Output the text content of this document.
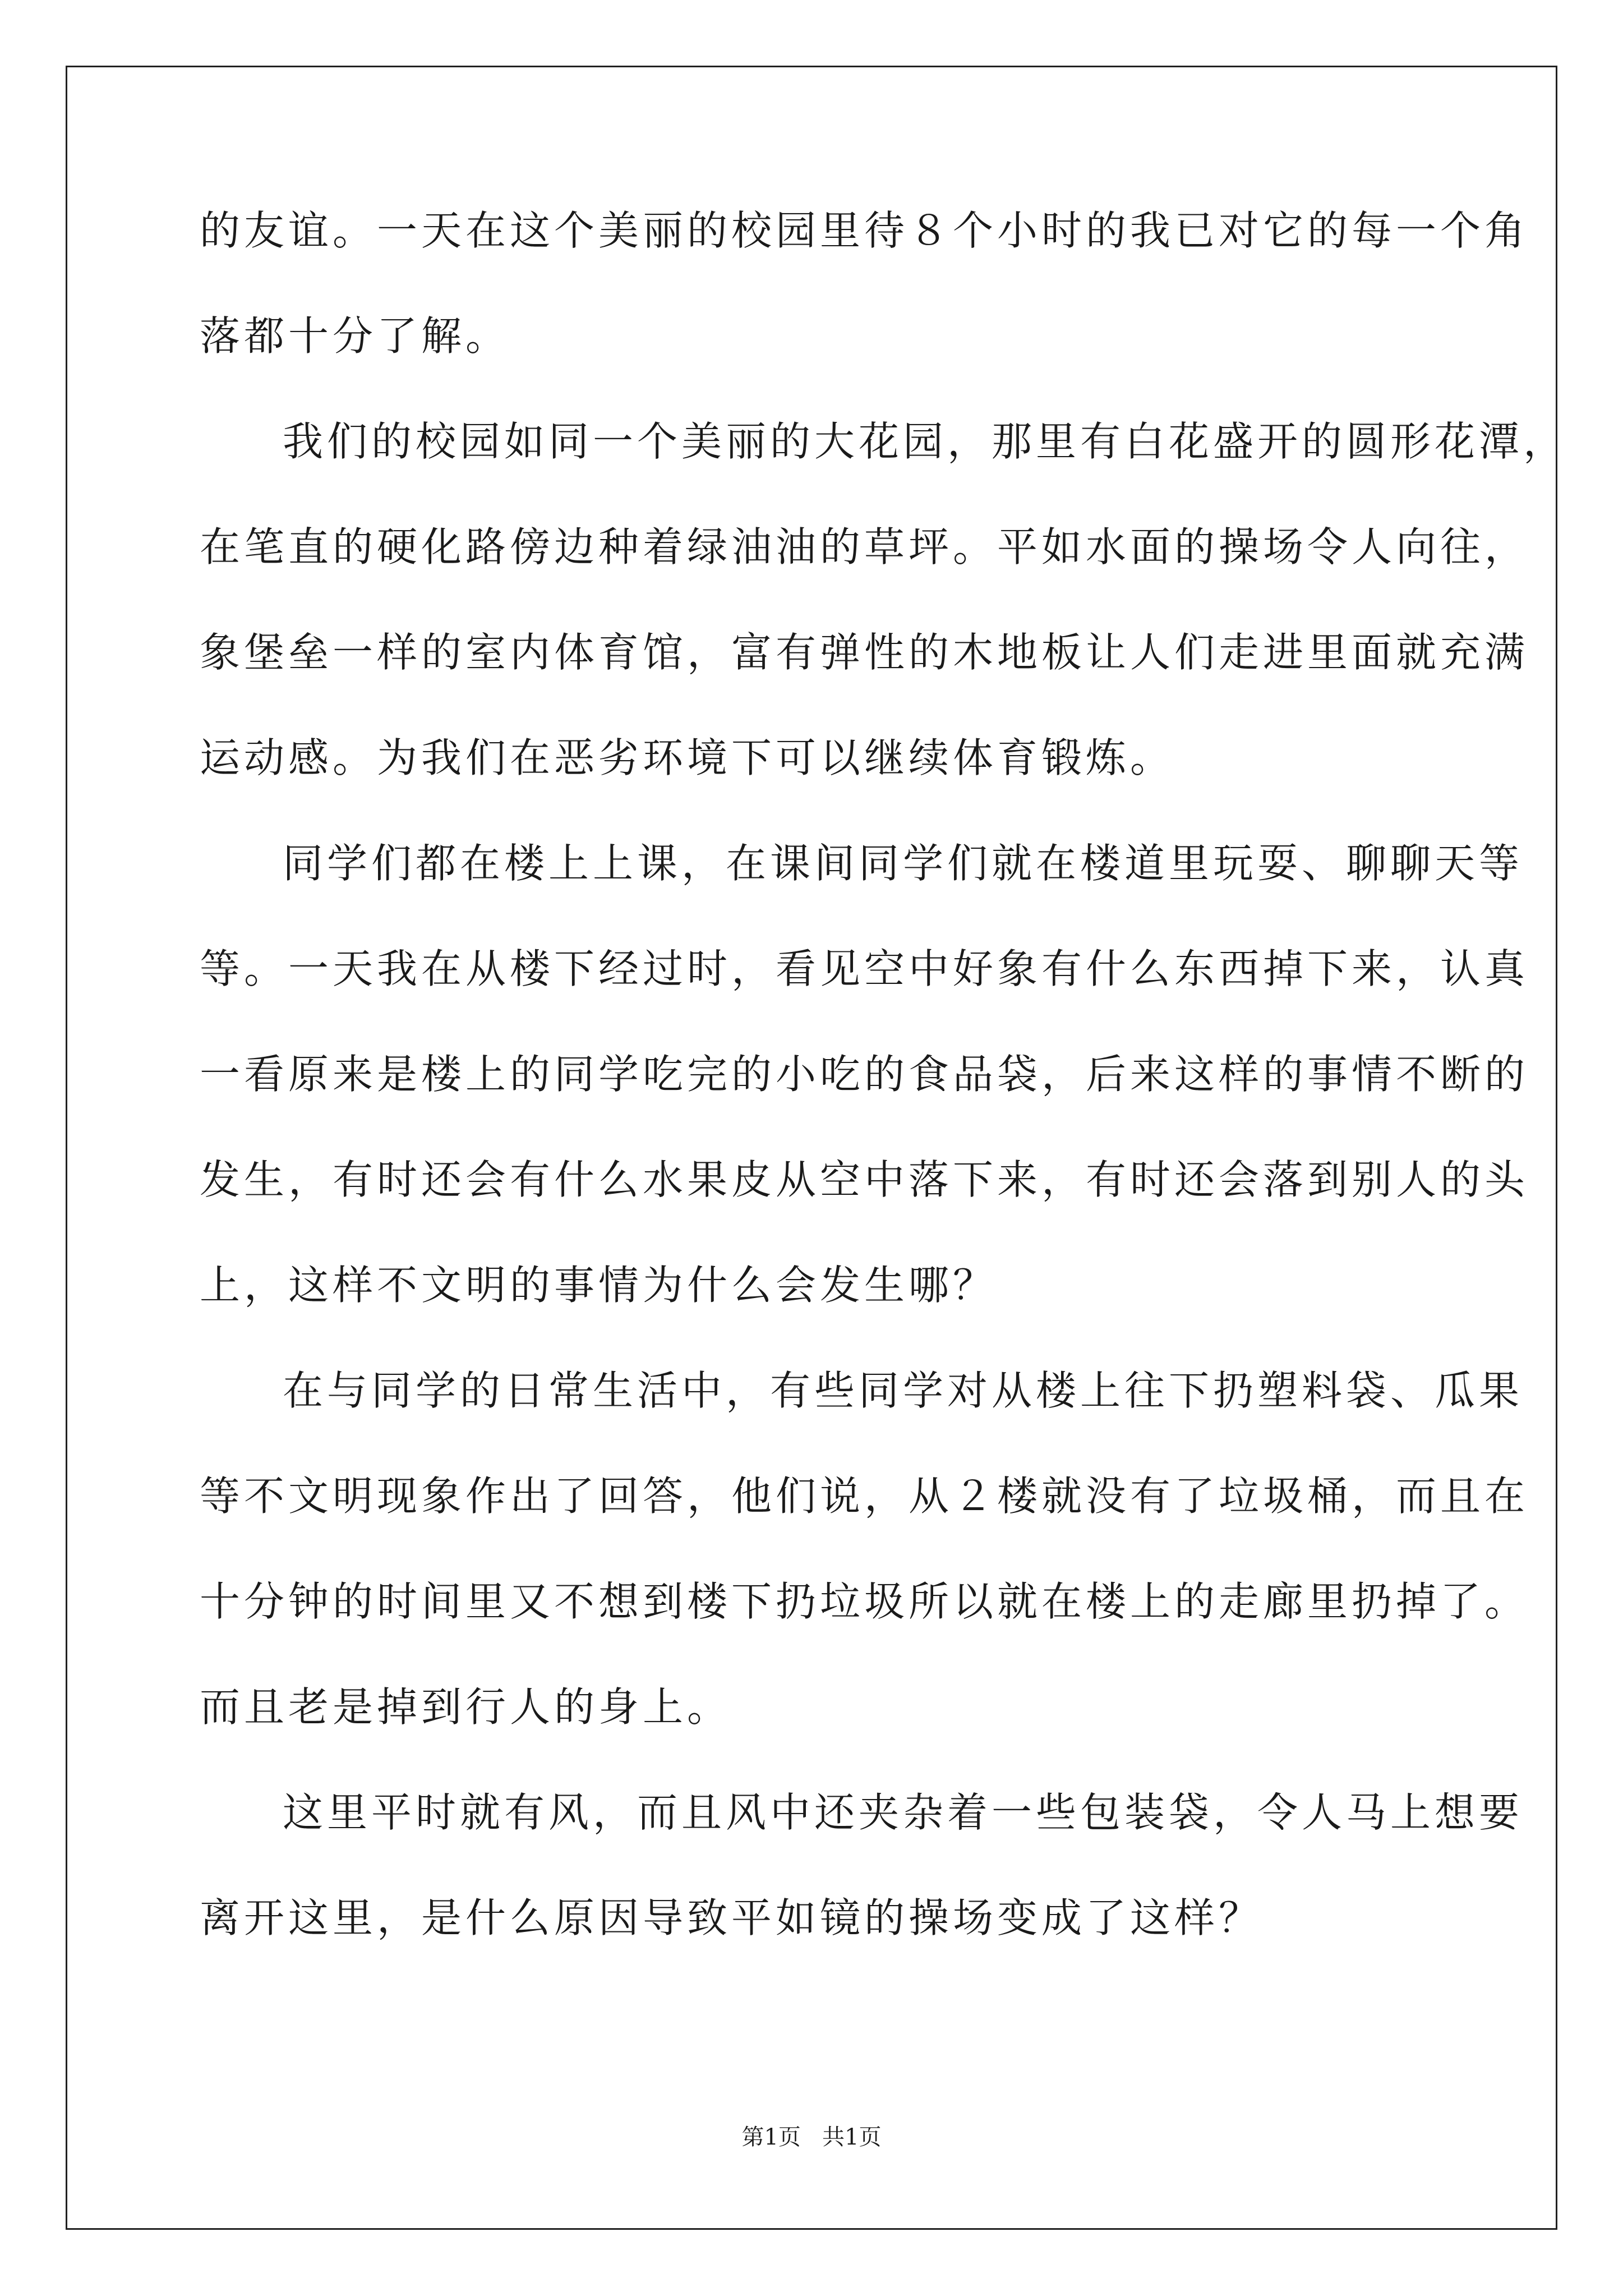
的友谊。一天在这个美丽的校园里待８个小时的我已对它的每一个角
落都十分了解。
我们的校园如同一个美丽的大花园，那里有白花盛开的圆形花潭，
在笔直的硬化路傍边种着绿油油的草坪。平如水面的操场令人向往，
象堡垒一样的室内体育馆，富有弹性的木地板让人们走进里面就充满
运动感。为我们在恶劣环境下可以继续体育锻炼。
同学们都在楼上上课，在课间同学们就在楼道里玩耍、聊聊天等
等。一天我在从楼下经过时，看见空中好象有什么东西掉下来，认真
一看原来是楼上的同学吃完的小吃的食品袋，后来这样的事情不断的
发生，有时还会有什么水果皮从空中落下来，有时还会落到别人的头
上，这样不文明的事情为什么会发生哪？
在与同学的日常生活中，有些同学对从楼上往下扔塑料袋、瓜果
等不文明现象作出了回答，他们说，从２楼就没有了垃圾桶，而且在
十分钟的时间里又不想到楼下扔垃圾所以就在楼上的走廊里扔掉了。
而且老是掉到行人的身上。
这里平时就有风，而且风中还夹杂着一些包装袋，令人马上想要
离开这里，是什么原因导致平如镜的操场变成了这样？
第1页   共1页
